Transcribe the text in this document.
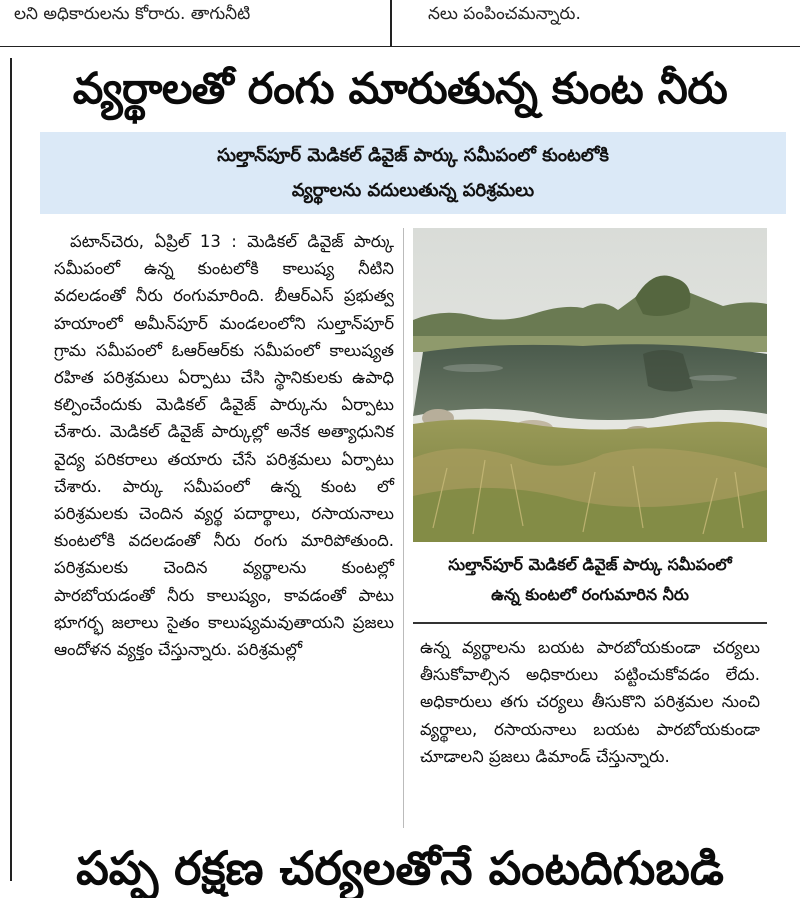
లని అధికారులను కోరారు. తాగునీటి	నలు పంపించమన్నారు.
వ్యర్థాలతో రంగు మారుతున్న కుంట నీరు
సుల్తాన్‌పూర్ మెడికల్ డివైజ్ పార్కు సమీపంలో కుంటలోకి
వ్యర్థాలను వదులుతున్న పరిశ్రమలు

పటాన్‌చెరు, ఏప్రిల్ 13 : మెడికల్ డివైజ్ పార్కు సమీపంలో ఉన్న కుంటలోకి కాలుష్య నీటిని వదలడంతో నీరు రంగుమారింది. బీఆర్ఎస్ ప్రభుత్వ హయాంలో అమీన్‌పూర్ మండలంలోని సుల్తాన్‌పూర్ గ్రామ సమీపంలో ఓఆర్ఆర్‌కు సమీపంలో కాలుష్యత రహిత పరిశ్రమలు ఏర్పాటు చేసి స్థానికులకు ఉపాధి కల్పించేందుకు మెడికల్ డివైజ్ పార్కును ఏర్పాటు చేశారు. మెడికల్ డివైజ్ పార్కుల్లో అనేక అత్యాధునిక వైద్య పరికరాలు తయారు చేసే పరిశ్రమలు ఏర్పాటు చేశారు. పార్కు సమీపంలో ఉన్న కుంట లో పరిశ్రమలకు చెందిన వ్యర్థ పదార్థాలు, రసాయనాలు కుంటలోకి వదలడంతో నీరు రంగు మారిపోతుంది. పరిశ్రమలకు చెందిన వ్యర్థాలను కుంటల్లో పారబోయడంతో నీరు కాలుష్యం, కావడంతో పాటు భూగర్భ జలాలు సైతం కాలుష్యమవుతాయని ప్రజలు ఆందోళన వ్యక్తం చేస్తున్నారు. పరిశ్రమల్లో

సుల్తాన్‌పూర్ మెడికల్ డివైజ్ పార్కు సమీపంలో
ఉన్న కుంటలో రంగుమారిన నీరు

ఉన్న వ్యర్థాలను బయట పారబోయకుండా చర్యలు తీసుకోవాల్సిన అధికారులు పట్టించుకోవడం లేదు. అధికారులు తగు చర్యలు తీసుకొని పరిశ్రమల నుంచి వ్యర్థాలు, రసాయనాలు బయట పారబోయకుండా చూడాలని ప్రజలు డిమాండ్ చేస్తున్నారు.

పప్ప రక్షణ చర్యలతోనే పంటదిగుబడి
